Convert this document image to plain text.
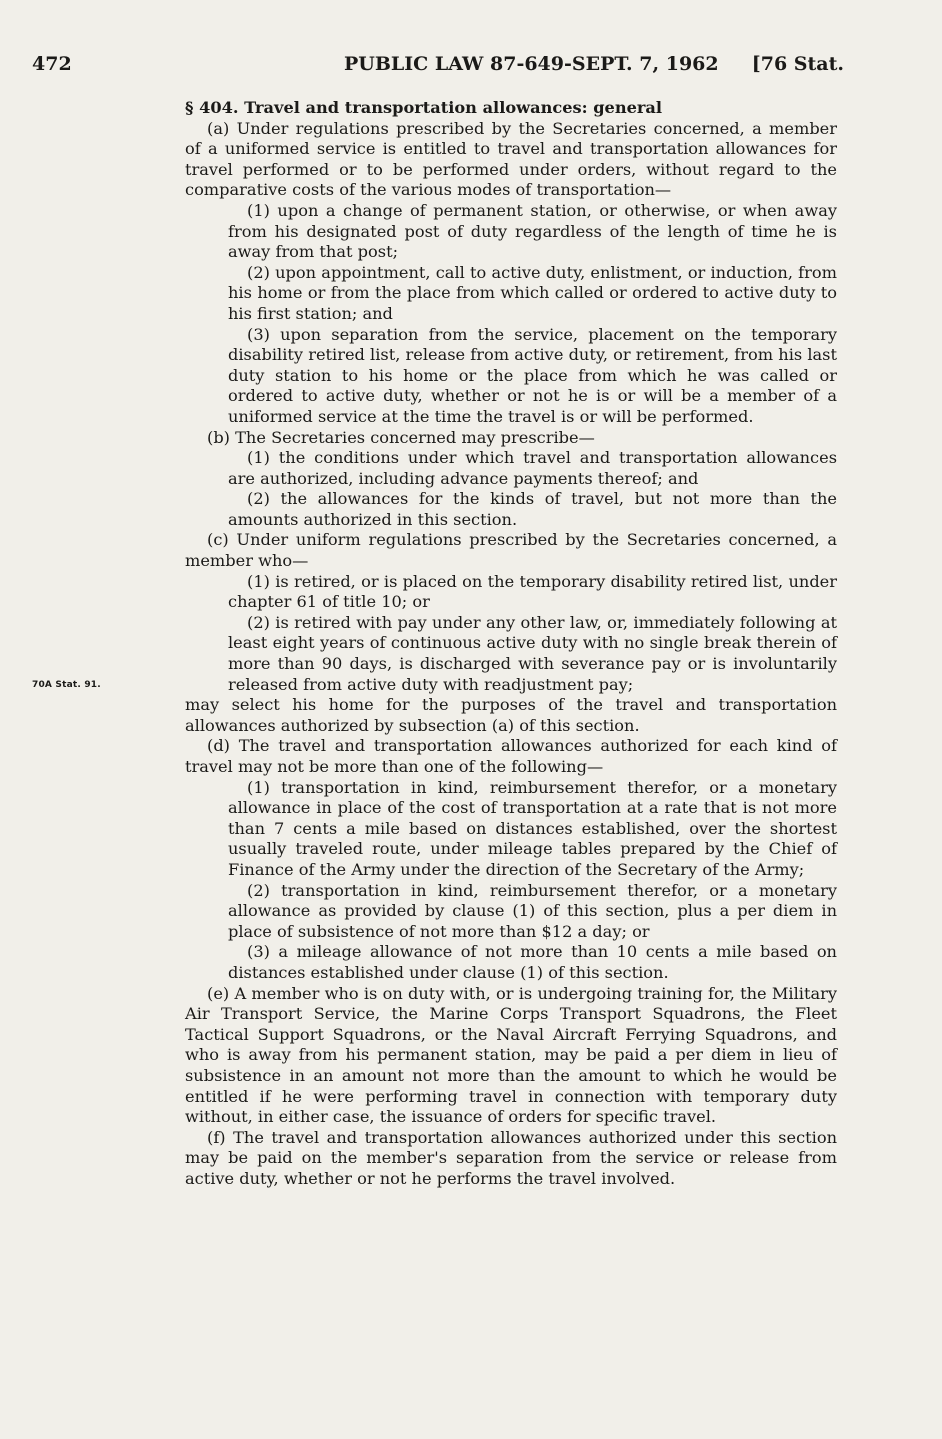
472	PUBLIC LAW 87-649-SEPT. 7, 1962 [76 Stat.
70A Stat. 91.

§ 404. Travel and transportation allowances: general

(a) Under regulations prescribed by the Secretaries concerned, a member of a uniformed service is entitled to travel and transportation allowances for travel performed or to be performed under orders, without regard to the comparative costs of the various modes of transportation—

(1) upon a change of permanent station, or otherwise, or when away from his designated post of duty regardless of the length of time he is away from that post;

(2) upon appointment, call to active duty, enlistment, or induction, from his home or from the place from which called or ordered to active duty to his first station; and

(3) upon separation from the service, placement on the temporary disability retired list, release from active duty, or retirement, from his last duty station to his home or the place from which he was called or ordered to active duty, whether or not he is or will be a member of a uniformed service at the time the travel is or will be performed.

(b) The Secretaries concerned may prescribe—

(1) the conditions under which travel and transportation allowances are authorized, including advance payments thereof; and

(2) the allowances for the kinds of travel, but not more than the amounts authorized in this section.

(c) Under uniform regulations prescribed by the Secretaries concerned, a member who—

(1) is retired, or is placed on the temporary disability retired list, under chapter 61 of title 10; or

(2) is retired with pay under any other law, or, immediately following at least eight years of continuous active duty with no single break therein of more than 90 days, is discharged with severance pay or is involuntarily released from active duty with readjustment pay;

may select his home for the purposes of the travel and transportation allowances authorized by subsection (a) of this section.

(d) The travel and transportation allowances authorized for each kind of travel may not be more than one of the following—

(1) transportation in kind, reimbursement therefor, or a monetary allowance in place of the cost of transportation at a rate that is not more than 7 cents a mile based on distances established, over the shortest usually traveled route, under mileage tables prepared by the Chief of Finance of the Army under the direction of the Secretary of the Army;

(2) transportation in kind, reimbursement therefor, or a monetary allowance as provided by clause (1) of this section, plus a per diem in place of subsistence of not more than $12 a day; or

(3) a mileage allowance of not more than 10 cents a mile based on distances established under clause (1) of this section.

(e) A member who is on duty with, or is undergoing training for, the Military Air Transport Service, the Marine Corps Transport Squadrons, the Fleet Tactical Support Squadrons, or the Naval Aircraft Ferrying Squadrons, and who is away from his permanent station, may be paid a per diem in lieu of subsistence in an amount not more than the amount to which he would be entitled if he were performing travel in connection with temporary duty without, in either case, the issuance of orders for specific travel.

(f) The travel and transportation allowances authorized under this section may be paid on the member's separation from the service or release from active duty, whether or not he performs the travel involved.
